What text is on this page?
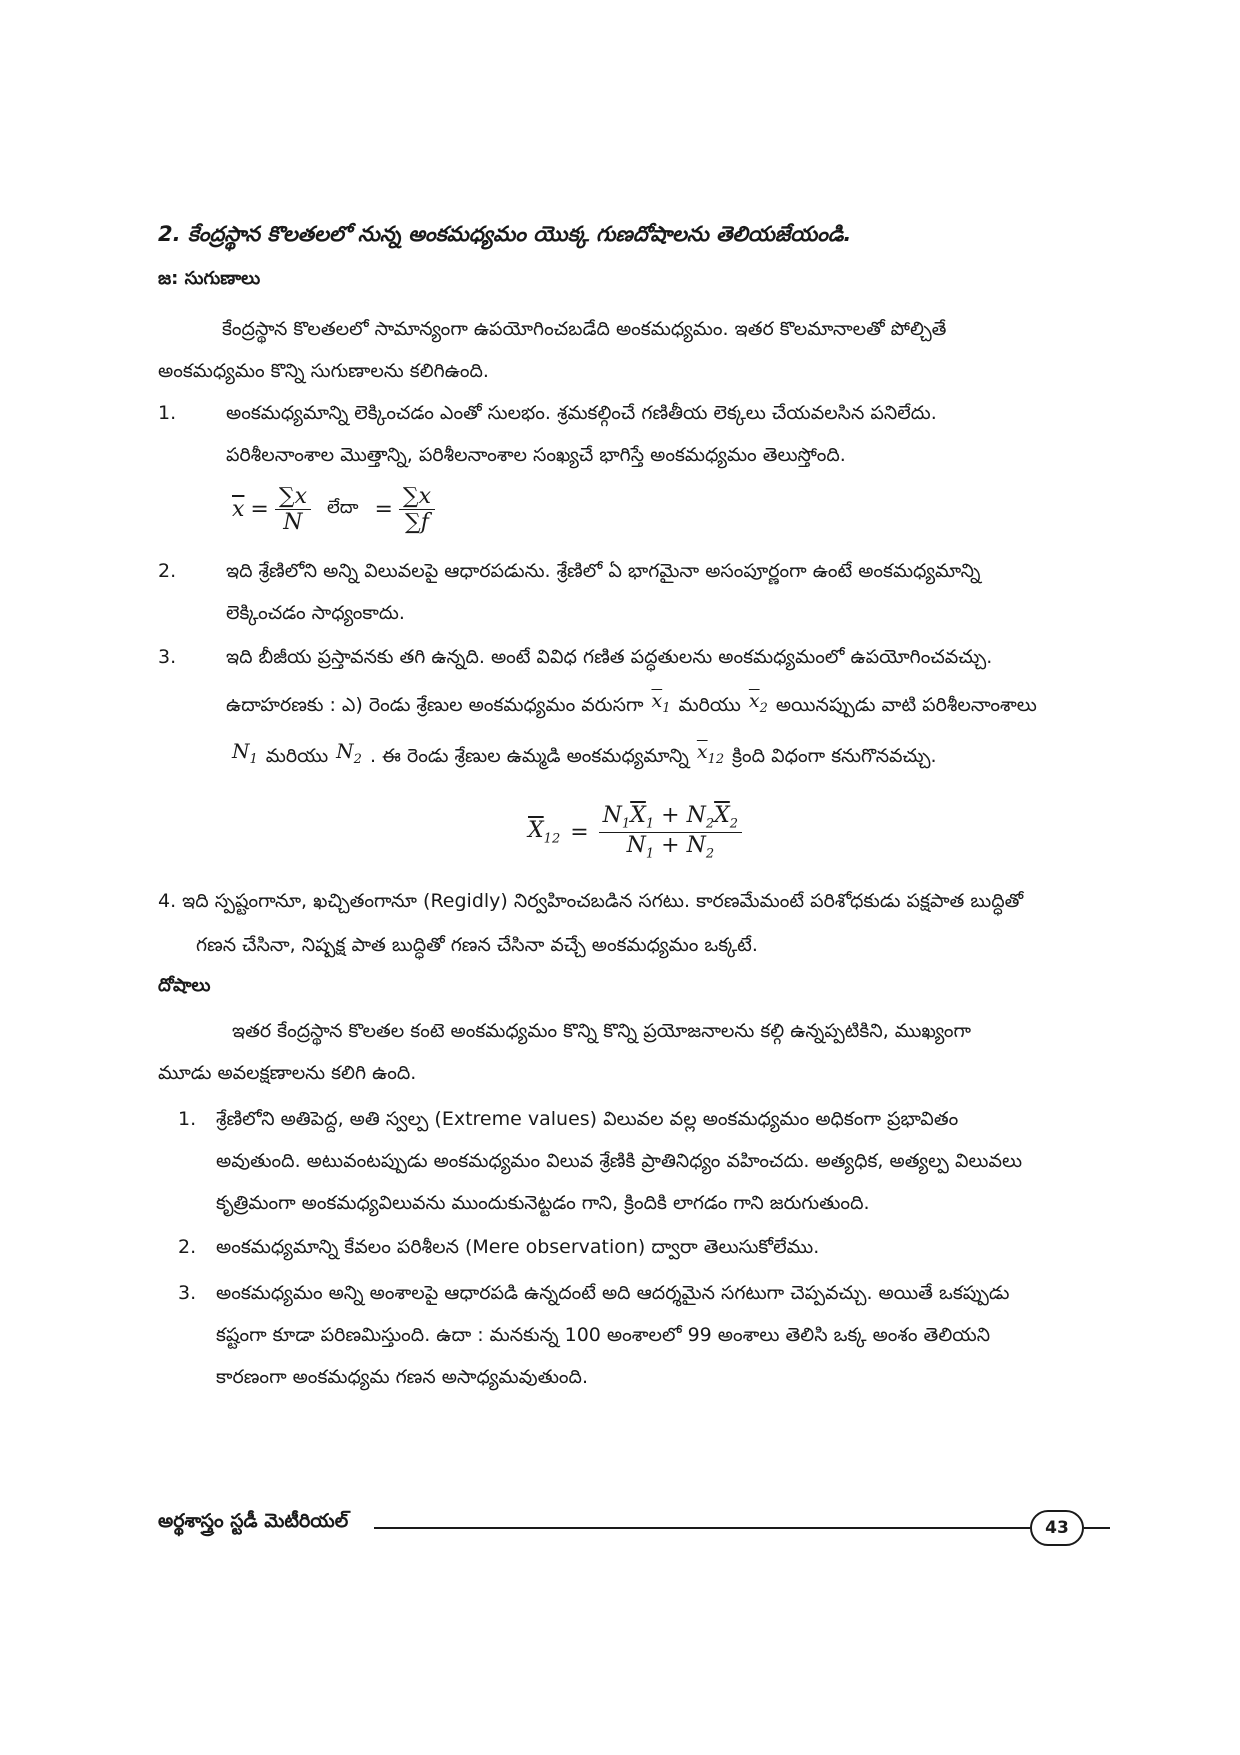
2. కేంద్రస్థాన కొలతలలో నున్న అంకమధ్యమం యొక్క గుణదోషాలను తెలియజేయండి.
జ: సుగుణాలు
కేంద్రస్థాన కొలతలలో సామాన్యంగా ఉపయోగించబడేది అంకమధ్యమం. ఇతర కొలమానాలతో పోల్చితే
అంకమధ్యమం కొన్ని సుగుణాలను కలిగిఉంది.
1.	అంకమధ్యమాన్ని లెక్కించడం ఎంతో సులభం. శ్రమకల్గించే గణితీయ లెక్కలు చేయవలసిన పనిలేదు.
పరిశీలనాంశాల మొత్తాన్ని, పరిశీలనాంశాల సంఖ్యచే భాగిస్తే అంకమధ్యమం తెలుస్తోంది.
$\overline{x} = \frac{\sum x}{N}$ లేదా = $\frac{\sum x}{\sum f}$
2.	ఇది శ్రేణిలోని అన్ని విలువలపై ఆధారపడును. శ్రేణిలో ఏ భాగమైనా అసంపూర్ణంగా ఉంటే అంకమధ్యమాన్ని
లెక్కించడం సాధ్యంకాదు.
3.	ఇది బీజీయ ప్రస్తావనకు తగి ఉన్నది. అంటే వివిధ గణిత పద్ధతులను అంకమధ్యమంలో ఉపయోగించవచ్చు.
ఉదాహరణకు : ఎ) రెండు శ్రేణుల అంకమధ్యమం వరుసగా $\overline{x}_1$ మరియు $\overline{x}_2$ అయినప్పుడు వాటి పరిశీలనాంశాలు
$N_1$ మరియు $N_2$ . ఈ రెండు శ్రేణుల ఉమ్మడి అంకమధ్యమాన్ని $\overline{x}_{12}$ క్రింది విధంగా కనుగొనవచ్చు.
$\overline{X}_{12} = \frac{N_1\overline{X}_1 + N_2\overline{X}_2}{N_1 + N_2}$
4. ఇది స్పష్టంగానూ, ఖచ్చితంగానూ (Regidly) నిర్వహించబడిన సగటు. కారణమేమంటే పరిశోధకుడు పక్షపాత బుద్ధితో
గణన చేసినా, నిష్పక్ష పాత బుద్ధితో గణన చేసినా వచ్చే అంకమధ్యమం ఒక్కటే.
దోషాలు
ఇతర కేంద్రస్థాన కొలతల కంటె అంకమధ్యమం కొన్ని కొన్ని ప్రయోజనాలను కల్గి ఉన్నప్పటికిని, ముఖ్యంగా
మూడు అవలక్షణాలను కలిగి ఉంది.
1. శ్రేణిలోని అతిపెద్ద, అతి స్వల్ప (Extreme values) విలువల వల్ల అంకమధ్యమం అధికంగా ప్రభావితం
అవుతుంది. అటువంటప్పుడు అంకమధ్యమం విలువ శ్రేణికి ప్రాతినిధ్యం వహించదు. అత్యధిక, అత్యల్ప విలువలు
కృత్రిమంగా అంకమధ్యవిలువను ముందుకునెట్టడం గాని, క్రిందికి లాగడం గాని జరుగుతుంది.
2. అంకమధ్యమాన్ని కేవలం పరిశీలన (Mere observation) ద్వారా తెలుసుకోలేము.
3. అంకమధ్యమం అన్ని అంశాలపై ఆధారపడి ఉన్నదంటే అది ఆదర్శమైన సగటుగా చెప్పవచ్చు. అయితే ఒకప్పుడు
కష్టంగా కూడా పరిణమిస్తుంది. ఉదా : మనకున్న 100 అంశాలలో 99 అంశాలు తెలిసి ఒక్క అంశం తెలియని
కారణంగా అంకమధ్యమ గణన అసాధ్యమవుతుంది.
అర్థశాస్త్రం స్టడీ మెటీరియల్	43
